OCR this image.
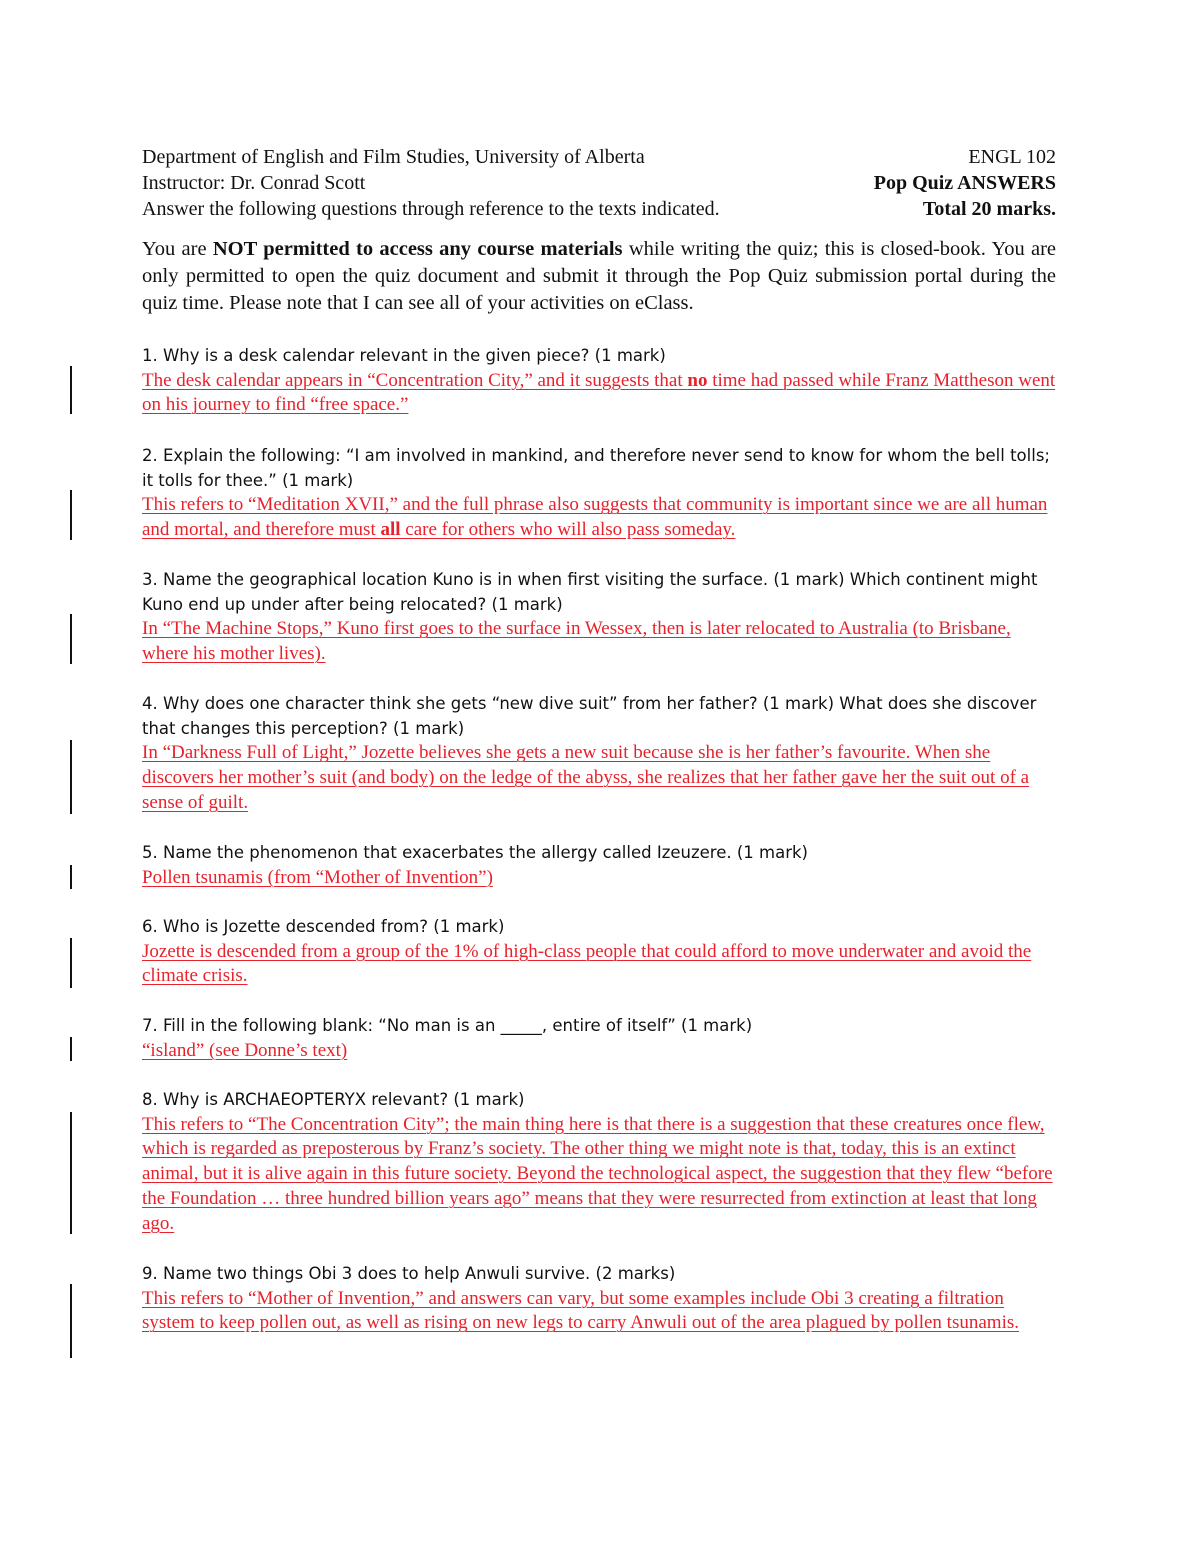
Department of English and Film Studies, University of Alberta	ENGL 102
Instructor: Dr. Conrad Scott	Pop Quiz ANSWERS
Answer the following questions through reference to the texts indicated.	Total 20 marks.
You are NOT permitted to access any course materials while writing the quiz; this is closed-book. You are only permitted to open the quiz document and submit it through the Pop Quiz submission portal during the quiz time. Please note that I can see all of your activities on eClass.
1. Why is a desk calendar relevant in the given piece? (1 mark)
The desk calendar appears in “Concentration City,” and it suggests that no time had passed while Franz Mattheson went on his journey to find “free space.”
2. Explain the following: “I am involved in mankind, and therefore never send to know for whom the bell tolls; it tolls for thee.” (1 mark)
This refers to “Meditation XVII,” and the full phrase also suggests that community is important since we are all human and mortal, and therefore must all care for others who will also pass someday.
3. Name the geographical location Kuno is in when first visiting the surface. (1 mark) Which continent might Kuno end up under after being relocated? (1 mark)
In “The Machine Stops,” Kuno first goes to the surface in Wessex, then is later relocated to Australia (to Brisbane, where his mother lives).
4. Why does one character think she gets “new dive suit” from her father? (1 mark) What does she discover that changes this perception? (1 mark)
In “Darkness Full of Light,” Jozette believes she gets a new suit because she is her father’s favourite. When she discovers her mother’s suit (and body) on the ledge of the abyss, she realizes that her father gave her the suit out of a sense of guilt.
5. Name the phenomenon that exacerbates the allergy called Izeuzere. (1 mark)
Pollen tsunamis (from “Mother of Invention”)
6. Who is Jozette descended from? (1 mark)
Jozette is descended from a group of the 1% of high-class people that could afford to move underwater and avoid the climate crisis.
7. Fill in the following blank: “No man is an _____, entire of itself” (1 mark)
“island” (see Donne’s text)
8. Why is ARCHAEOPTERYX relevant? (1 mark)
This refers to “The Concentration City”; the main thing here is that there is a suggestion that these creatures once flew, which is regarded as preposterous by Franz’s society. The other thing we might note is that, today, this is an extinct animal, but it is alive again in this future society. Beyond the technological aspect, the suggestion that they flew “before the Foundation … three hundred billion years ago” means that they were resurrected from extinction at least that long ago.
9. Name two things Obi 3 does to help Anwuli survive. (2 marks)
This refers to “Mother of Invention,” and answers can vary, but some examples include Obi 3 creating a filtration system to keep pollen out, as well as rising on new legs to carry Anwuli out of the area plagued by pollen tsunamis.
